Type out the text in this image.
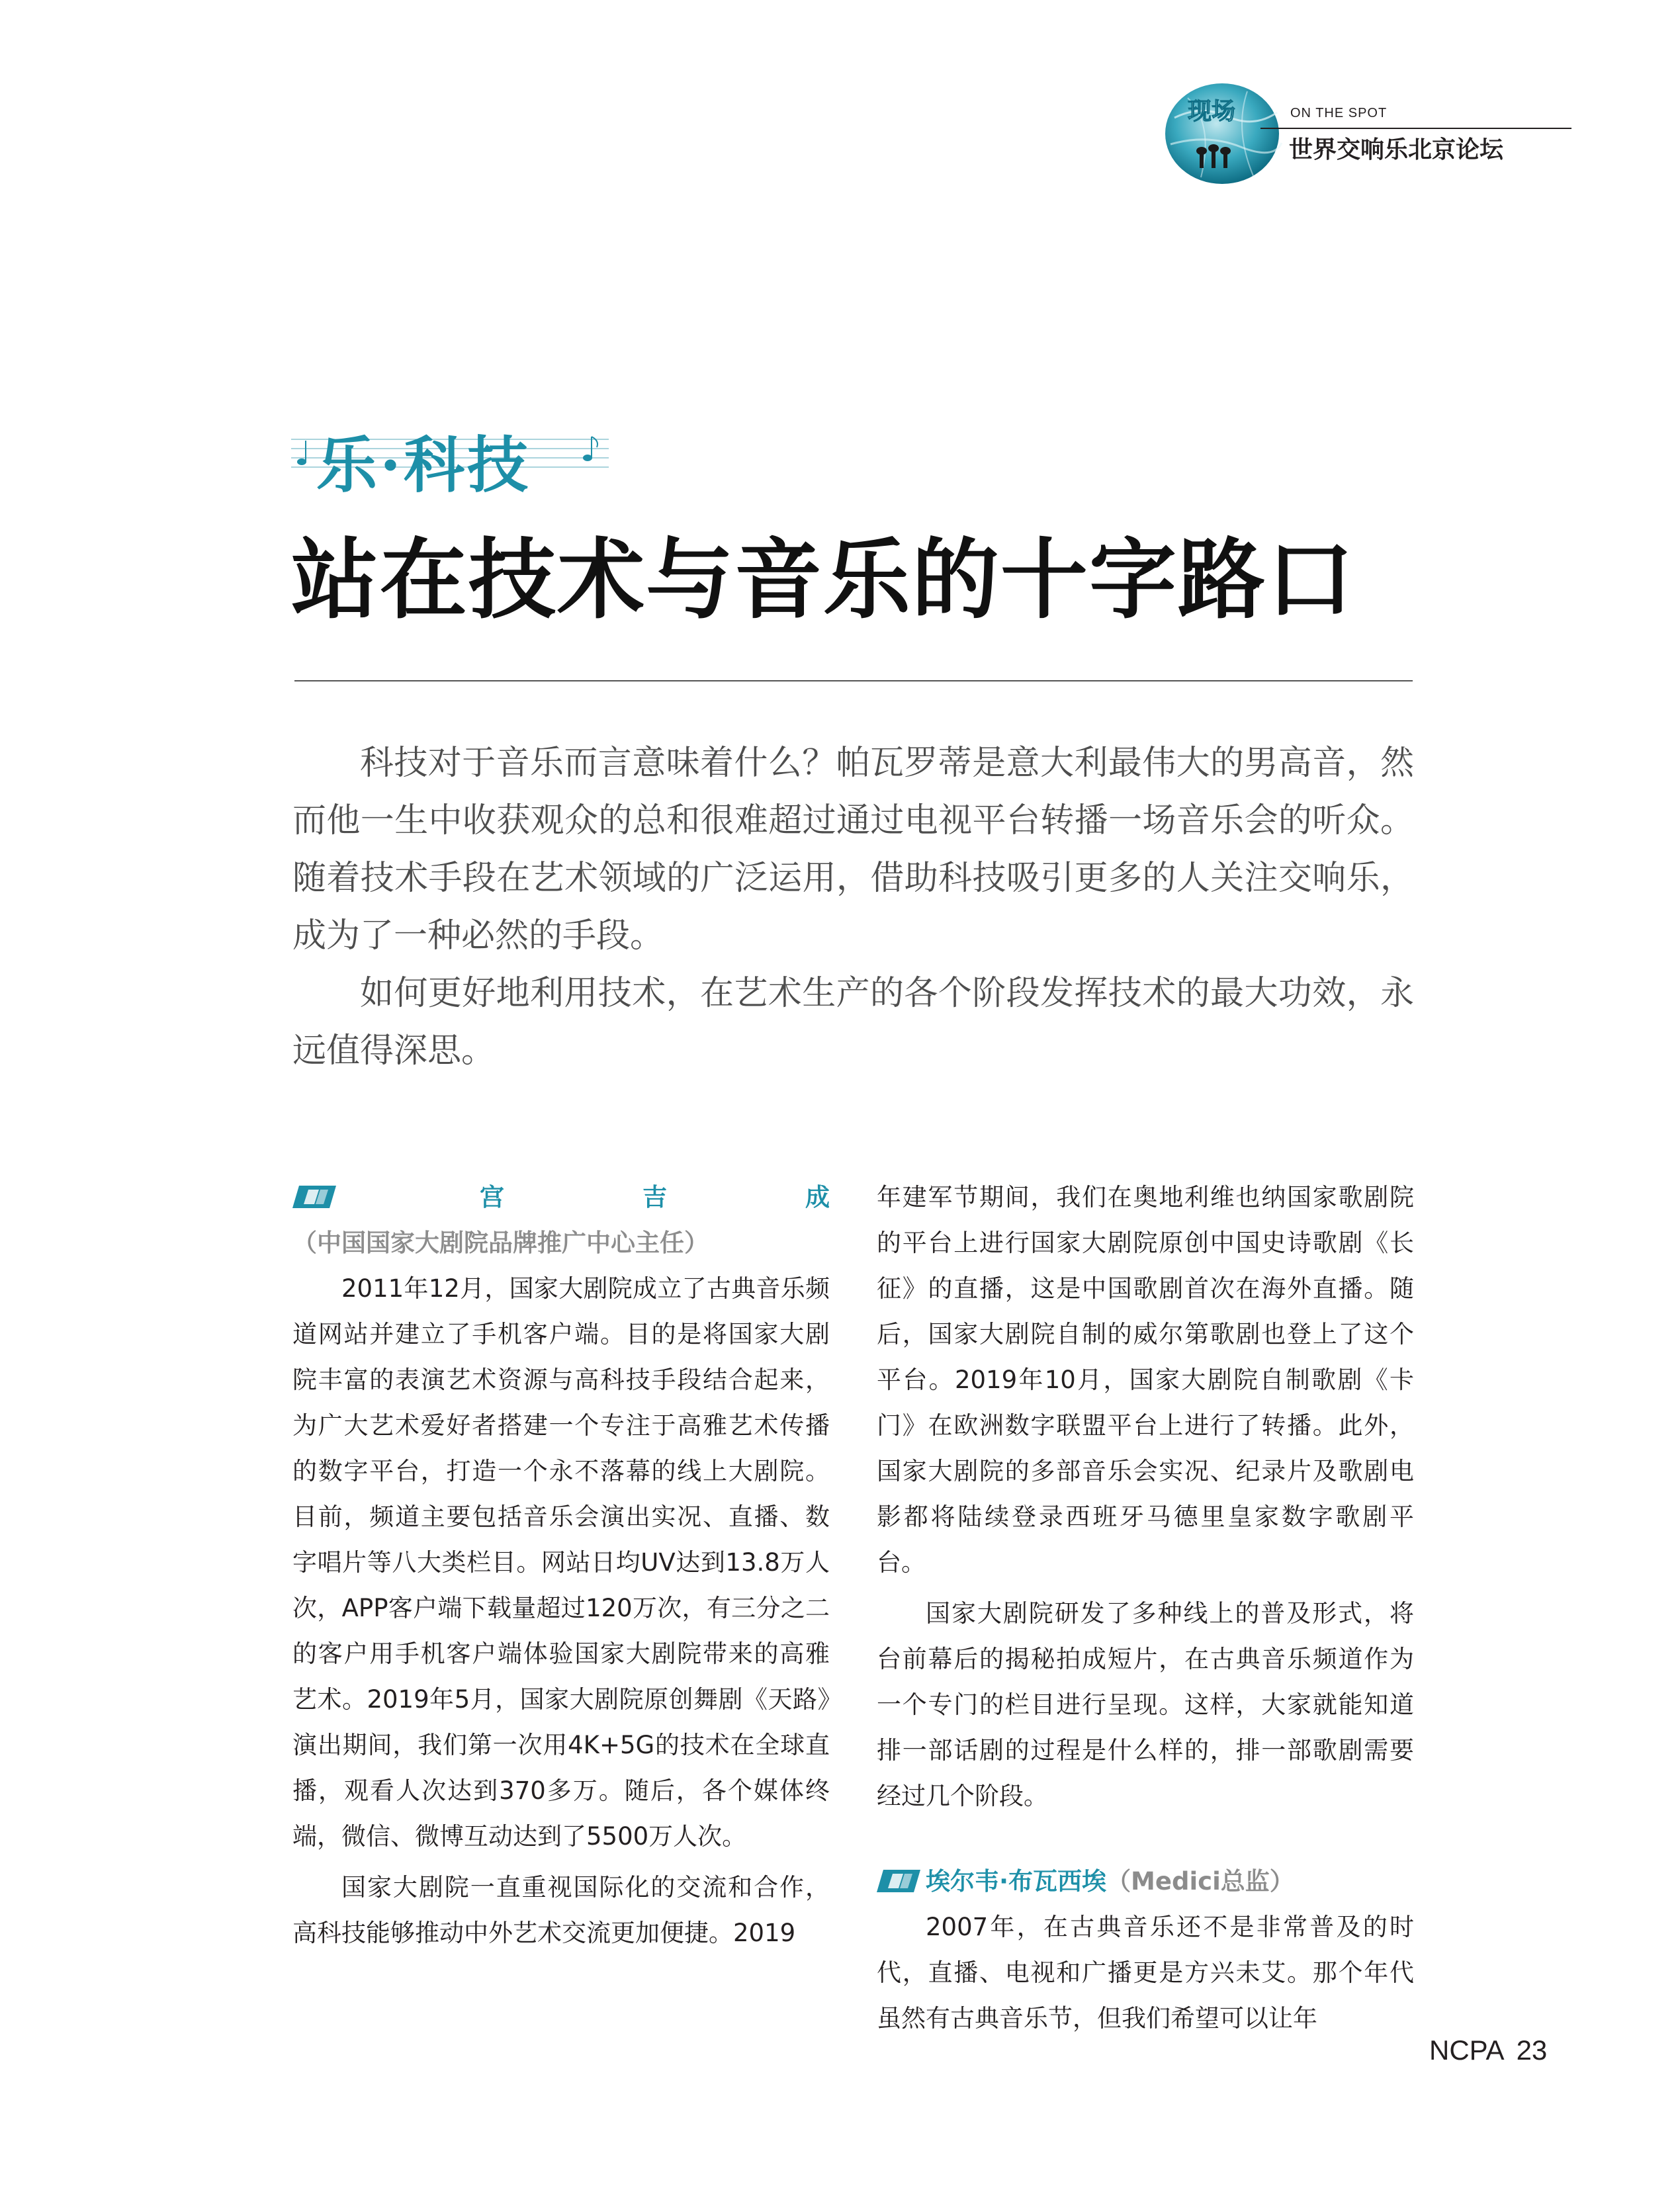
现场	ON THE SPOT
世界交响乐北京论坛
乐·科技
站在技术与音乐的十字路口

科技对于音乐而言意味着什么？帕瓦罗蒂是意大利最伟大的男高音，然而他一生中收获观众的总和很难超过通过电视平台转播一场音乐会的听众。随着技术手段在艺术领域的广泛运用，借助科技吸引更多的人关注交响乐，成为了一种必然的手段。

如何更好地利用技术，在艺术生产的各个阶段发挥技术的最大功效，永远值得深思。

宫吉成（中国国家大剧院品牌推广中心主任）

2011年12月，国家大剧院成立了古典音乐频道网站并建立了手机客户端。目的是将国家大剧院丰富的表演艺术资源与高科技手段结合起来，为广大艺术爱好者搭建一个专注于高雅艺术传播的数字平台，打造一个永不落幕的线上大剧院。目前，频道主要包括音乐会演出实况、直播、数字唱片等八大类栏目。网站日均UV达到13.8万人次，APP客户端下载量超过120万次，有三分之二的客户用手机客户端体验国家大剧院带来的高雅艺术。2019年5月，国家大剧院原创舞剧《天路》演出期间，我们第一次用4K+5G的技术在全球直播，观看人次达到370多万。随后，各个媒体终端，微信、微博互动达到了5500万人次。

国家大剧院一直重视国际化的交流和合作，高科技能够推动中外艺术交流更加便捷。2019

年建军节期间，我们在奥地利维也纳国家歌剧院的平台上进行国家大剧院原创中国史诗歌剧《长征》的直播，这是中国歌剧首次在海外直播。随后，国家大剧院自制的威尔第歌剧也登上了这个平台。2019年10月，国家大剧院自制歌剧《卡门》在欧洲数字联盟平台上进行了转播。此外，国家大剧院的多部音乐会实况、纪录片及歌剧电影都将陆续登录西班牙马德里皇家数字歌剧平台。

国家大剧院研发了多种线上的普及形式，将台前幕后的揭秘拍成短片，在古典音乐频道作为一个专门的栏目进行呈现。这样，大家就能知道排一部话剧的过程是什么样的，排一部歌剧需要经过几个阶段。

埃尔韦·布瓦西埃（Medici总监）

2007年，在古典音乐还不是非常普及的时代，直播、电视和广播更是方兴未艾。那个年代虽然有古典音乐节，但我们希望可以让年

NCPA 23
